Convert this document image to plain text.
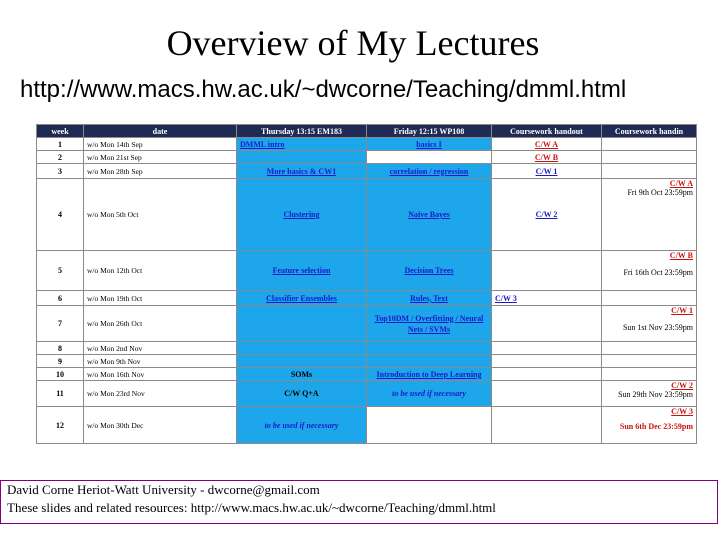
Overview of My Lectures
http://www.macs.hw.ac.uk/~dwcorne/Teaching/dmml.html
week	date	Thursday 13:15 EM183	Friday 12:15 WP108	Coursework handout	Coursework handin
1	w/o Mon 14th Sep	DMML intro	basics I	C/W A	
2	w/o Mon 21st Sep			C/W B	
3	w/o Mon 28th Sep	More basics & CW1	correlation / regression	C/W 1	
4	w/o Mon 5th Oct	Clustering	Naïve Bayes	C/W 2	C/W A
Fri 9th Oct 23:59pm

5	w/o Mon 12th Oct	Feature selection	Decision Trees		C/W B
Fri 16th Oct 23:59pm

6	w/o Mon 19th Oct	Classifier Ensembles	Rules, Text	C/W 3	
7	w/o Mon 26th Oct		Top10DM / Overfitting / Neural Nets / SVMs		C/W 1
Sun 1st Nov 23:59pm

8	w/o Mon 2nd Nov				
9	w/o Mon 9th Nov				
10	w/o Mon 16th Nov	SOMs	Introduction to Deep Learning		
11	w/o Mon 23rd Nov	C/W Q+A	to be used if necessary		C/W 2
Sun 29th Nov 23:59pm

12	w/o Mon 30th Dec	to be used if necessary			C/W 3
Sun 6th Dec 23:59pm
David Corne Heriot-Watt University - dwcorne@gmail.com
These slides and related resources: http://www.macs.hw.ac.uk/~dwcorne/Teaching/dmml.html
